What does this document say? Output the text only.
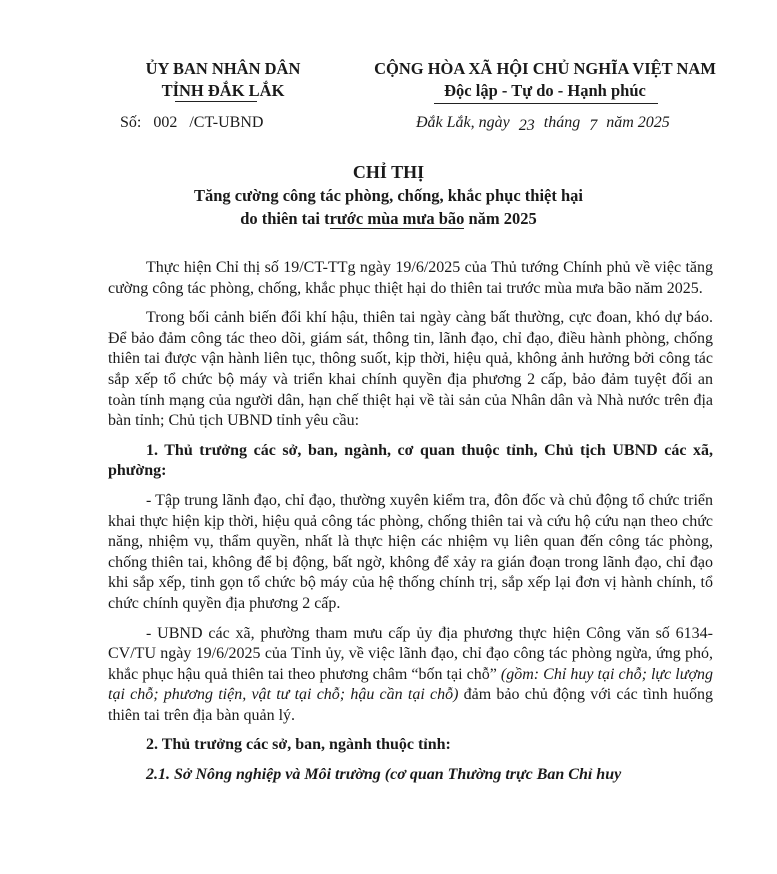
ỦY BAN NHÂN DÂN
TỈNH ĐẮK LẮK
CỘNG HÒA XÃ HỘI CHỦ NGHĨA VIỆT NAM
Độc lập - Tự do - Hạnh phúc
Số: 002 /CT-UBND	Đắk Lắk, ngày 23 tháng 7 năm 2025
CHỈ THỊ
Tăng cường công tác phòng, chống, khắc phục thiệt hại
do thiên tai trước mùa mưa bão năm 2025

Thực hiện Chỉ thị số 19/CT-TTg ngày 19/6/2025 của Thủ tướng Chính phủ về việc tăng cường công tác phòng, chống, khắc phục thiệt hại do thiên tai trước mùa mưa bão năm 2025.

Trong bối cảnh biến đổi khí hậu, thiên tai ngày càng bất thường, cực đoan, khó dự báo. Để bảo đảm công tác theo dõi, giám sát, thông tin, lãnh đạo, chỉ đạo, điều hành phòng, chống thiên tai được vận hành liên tục, thông suốt, kịp thời, hiệu quả, không ảnh hưởng bởi công tác sắp xếp tổ chức bộ máy và triển khai chính quyền địa phương 2 cấp, bảo đảm tuyệt đối an toàn tính mạng của người dân, hạn chế thiệt hại về tài sản của Nhân dân và Nhà nước trên địa bàn tỉnh; Chủ tịch UBND tỉnh yêu cầu:

1. Thủ trưởng các sở, ban, ngành, cơ quan thuộc tỉnh, Chủ tịch UBND các xã, phường:

- Tập trung lãnh đạo, chỉ đạo, thường xuyên kiểm tra, đôn đốc và chủ động tổ chức triển khai thực hiện kịp thời, hiệu quả công tác phòng, chống thiên tai và cứu hộ cứu nạn theo chức năng, nhiệm vụ, thẩm quyền, nhất là thực hiện các nhiệm vụ liên quan đến công tác phòng, chống thiên tai, không để bị động, bất ngờ, không để xảy ra gián đoạn trong lãnh đạo, chỉ đạo khi sắp xếp, tinh gọn tổ chức bộ máy của hệ thống chính trị, sắp xếp lại đơn vị hành chính, tổ chức chính quyền địa phương 2 cấp.

- UBND các xã, phường tham mưu cấp ủy địa phương thực hiện Công văn số 6134-CV/TU ngày 19/6/2025 của Tỉnh ủy, về việc lãnh đạo, chỉ đạo công tác phòng ngừa, ứng phó, khắc phục hậu quả thiên tai theo phương châm “bốn tại chỗ” (gồm: Chỉ huy tại chỗ; lực lượng tại chỗ; phương tiện, vật tư tại chỗ; hậu cần tại chỗ) đảm bảo chủ động với các tình huống thiên tai trên địa bàn quản lý.

2. Thủ trưởng các sở, ban, ngành thuộc tỉnh:

2.1. Sở Nông nghiệp và Môi trường (cơ quan Thường trực Ban Chỉ huy
